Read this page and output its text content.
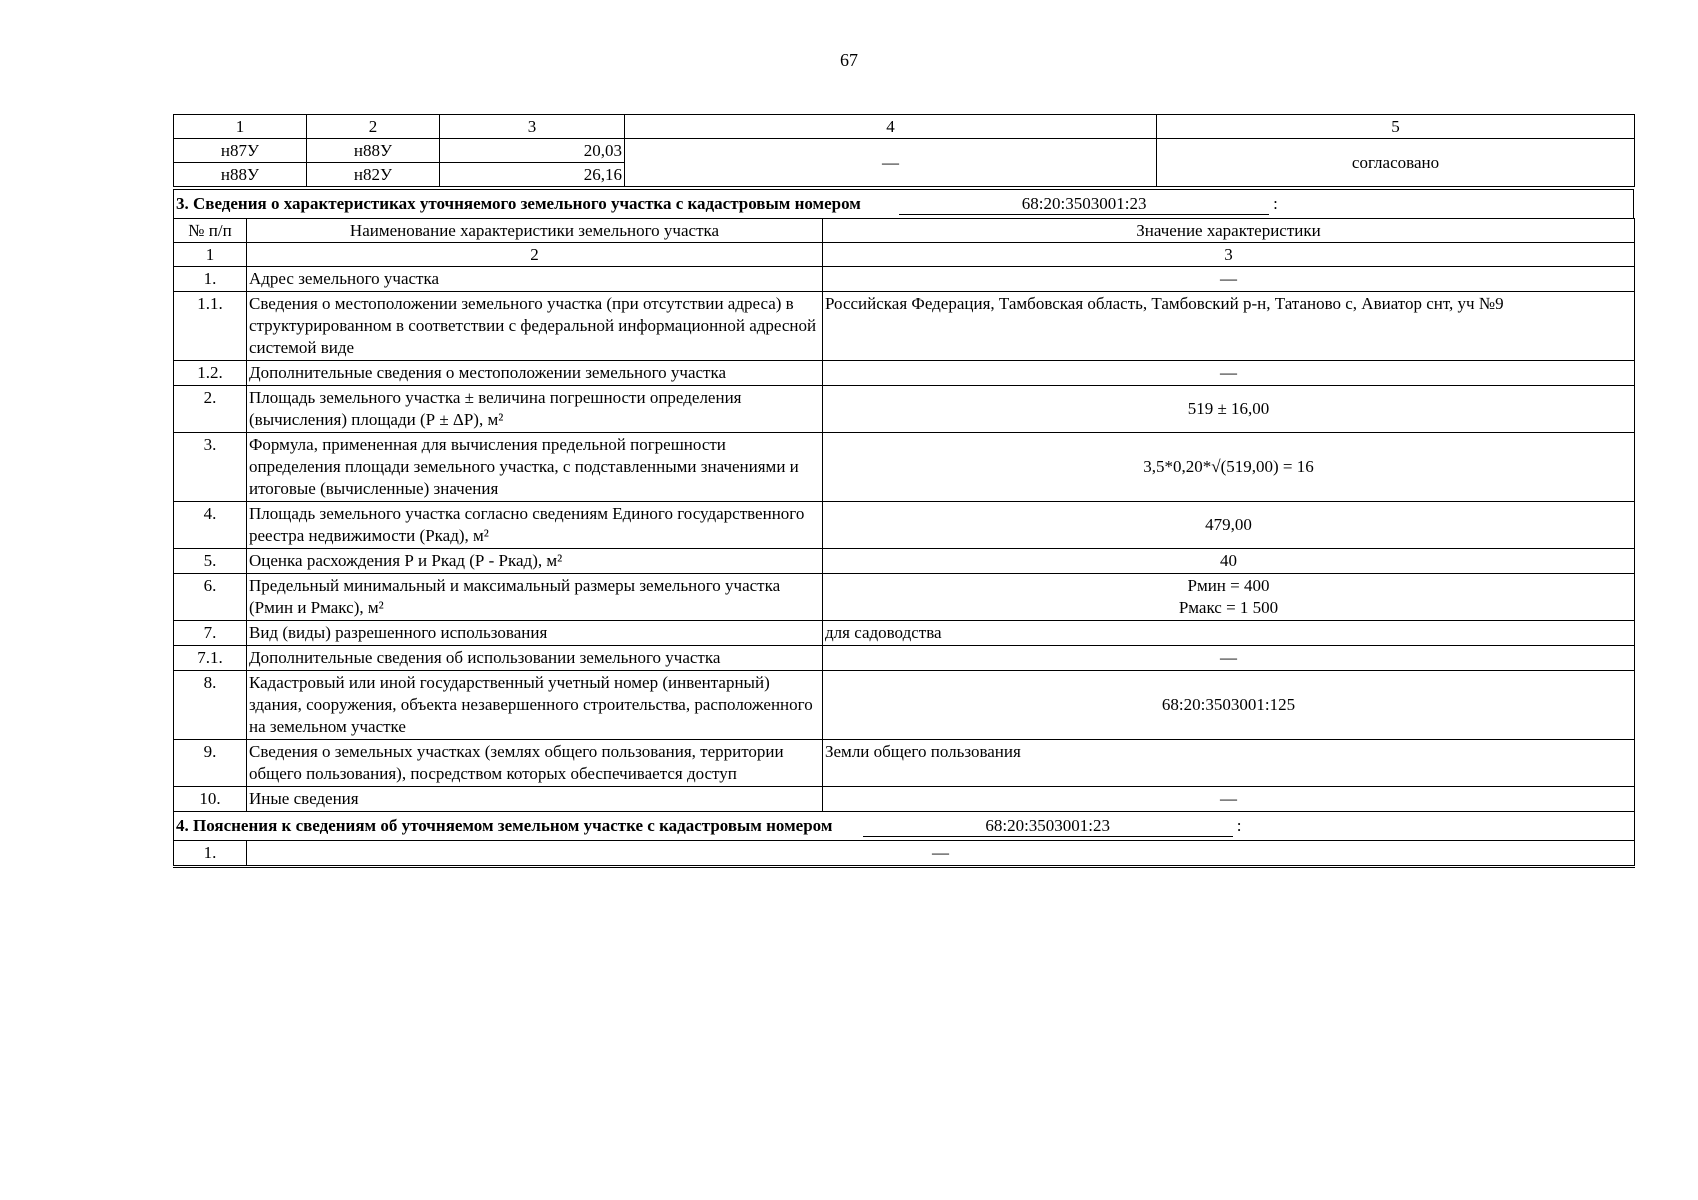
67
1	2	3	4	5
н87У	н88У	20,03	—	согласовано
н88У	н82У	26,16		
3. Сведения о характеристиках уточняемого земельного участка с кадастровым номером	68:20:3503001:23	:
№ п/п	Наименование характеристики земельного участка	Значение характеристики
1	2	3
1.	Адрес земельного участка	—
1.1.	Сведения о местоположении земельного участка (при отсутствии адреса) в структурированном в соответствии с федеральной информационной адресной системой виде	Российская Федерация, Тамбовская область, Тамбовский р-н, Татаново с, Авиатор снт, уч №9
1.2.	Дополнительные сведения о местоположении земельного участка	—
2.	Площадь земельного участка ± величина погрешности определения (вычисления) площади (Р ± ΔР), м²	519 ± 16,00
3.	Формула, примененная для вычисления предельной погрешности определения площади земельного участка, с подставленными значениями и итоговые (вычисленные) значения	3,5*0,20*√(519,00) = 16
4.	Площадь земельного участка согласно сведениям Единого государственного реестра недвижимости (Ркад), м²	479,00
5.	Оценка расхождения Р и Ркад (Р - Ркад), м²	40
6.	Предельный минимальный и максимальный размеры земельного участка (Рмин и Рмакс), м²	Рмин = 400
Рмакс = 1 500

7.	Вид (виды) разрешенного использования	для садоводства
7.1.	Дополнительные сведения об использовании земельного участка	—
8.	Кадастровый или иной государственный учетный номер (инвентарный) здания, сооружения, объекта незавершенного строительства, расположенного на земельном участке	68:20:3503001:125
9.	Сведения о земельных участках (землях общего пользования, территории общего пользования), посредством которых обеспечивается доступ	Земли общего пользования
10.	Иные сведения	—
4. Пояснения к сведениям об уточняемом земельном участке с кадастровым номером 68:20:3503001:23 :		
1.	—	
